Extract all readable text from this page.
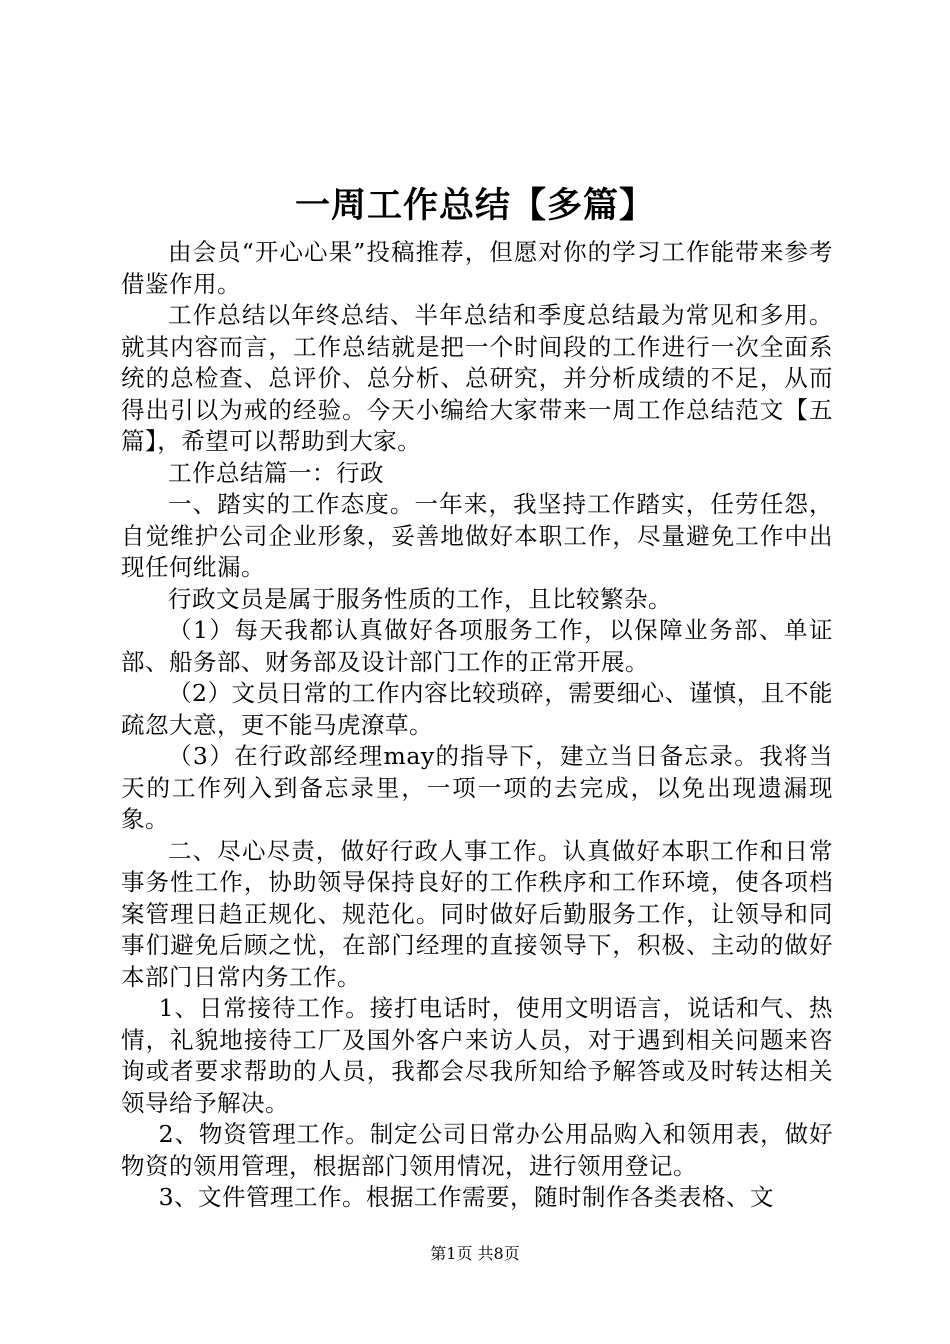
一周工作总结【多篇】

由会员“开心心果”投稿推荐，但愿对你的学习工作能带来参考借鉴作用。

工作总结以年终总结、半年总结和季度总结最为常见和多用。就其内容而言，工作总结就是把一个时间段的工作进行一次全面系统的总检查、总评价、总分析、总研究，并分析成绩的不足，从而得出引以为戒的经验。今天小编给大家带来一周工作总结范文【五篇】，希望可以帮助到大家。

工作总结篇一：行政

一、踏实的工作态度。一年来，我坚持工作踏实，任劳任怨，自觉维护公司企业形象，妥善地做好本职工作，尽量避免工作中出现任何纰漏。

行政文员是属于服务性质的工作，且比较繁杂。

（1）每天我都认真做好各项服务工作，以保障业务部、单证部、船务部、财务部及设计部门工作的正常开展。

（2）文员日常的工作内容比较琐碎，需要细心、谨慎，且不能疏忽大意，更不能马虎潦草。

（3）在行政部经理may的指导下，建立当日备忘录。我将当天的工作列入到备忘录里，一项一项的去完成，以免出现遗漏现象。

二、尽心尽责，做好行政人事工作。认真做好本职工作和日常事务性工作，协助领导保持良好的工作秩序和工作环境，使各项档案管理日趋正规化、规范化。同时做好后勤服务工作，让领导和同事们避免后顾之忧，在部门经理的直接领导下，积极、主动的做好本部门日常内务工作。

1、日常接待工作。接打电话时，使用文明语言，说话和气、热情，礼貌地接待工厂及国外客户来访人员，对于遇到相关问题来咨询或者要求帮助的人员，我都会尽我所知给予解答或及时转达相关领导给予解决。

2、物资管理工作。制定公司日常办公用品购入和领用表，做好物资的领用管理，根据部门领用情况，进行领用登记。

3、文件管理工作。根据工作需要，随时制作各类表格、文

第1页 共8页
